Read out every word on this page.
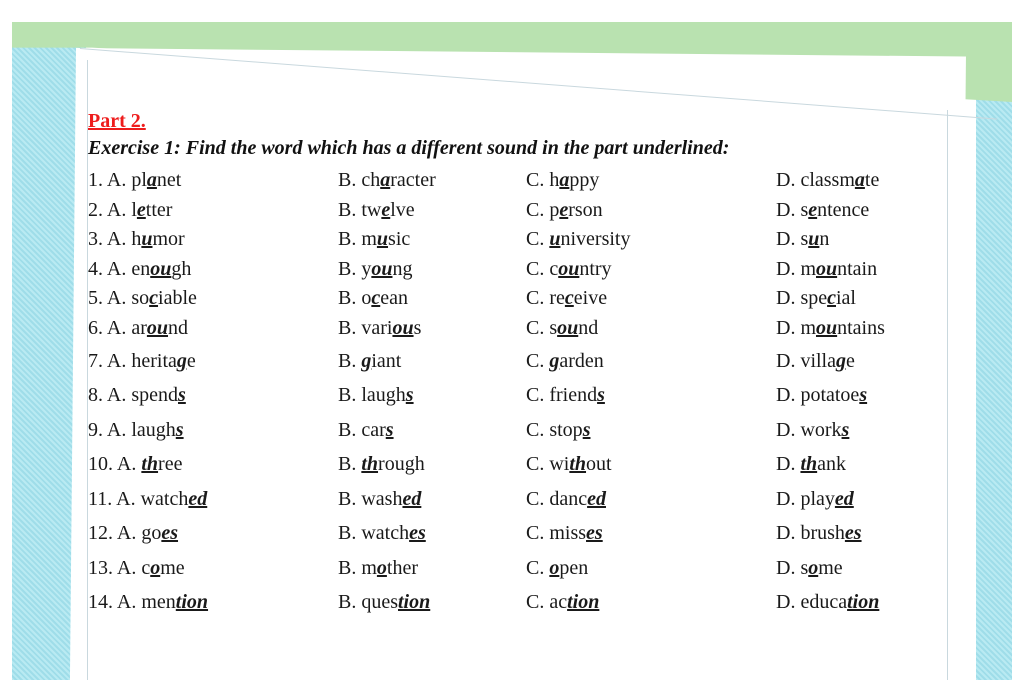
Part 2.

Exercise 1: Find the word which has a different sound in the part underlined:

1. A. planet	B. character	C. happy	D. classmate
2. A. letter	B. twelve	C. person	D. sentence
3. A. humor	B. music	C. university	D. sun
4. A. enough	B. young	C. country	D. mountain
5. A. sociable	B. ocean	C. receive	D. special
6. A. around	B. various	C. sound	D. mountains
7. A. heritage	B. giant	C. garden	D. village
8. A. spends	B. laughs	C. friends	D. potatoes
9. A. laughs	B. cars	C. stops	D. works
10. A. three	B. through	C. without	D. thank
11. A. watched	B. washed	C. danced	D. played
12. A. goes	B. watches	C. misses	D. brushes
13. A. come	B. mother	C. open	D. some
14. A. mention	B. question	C. action	D. education
